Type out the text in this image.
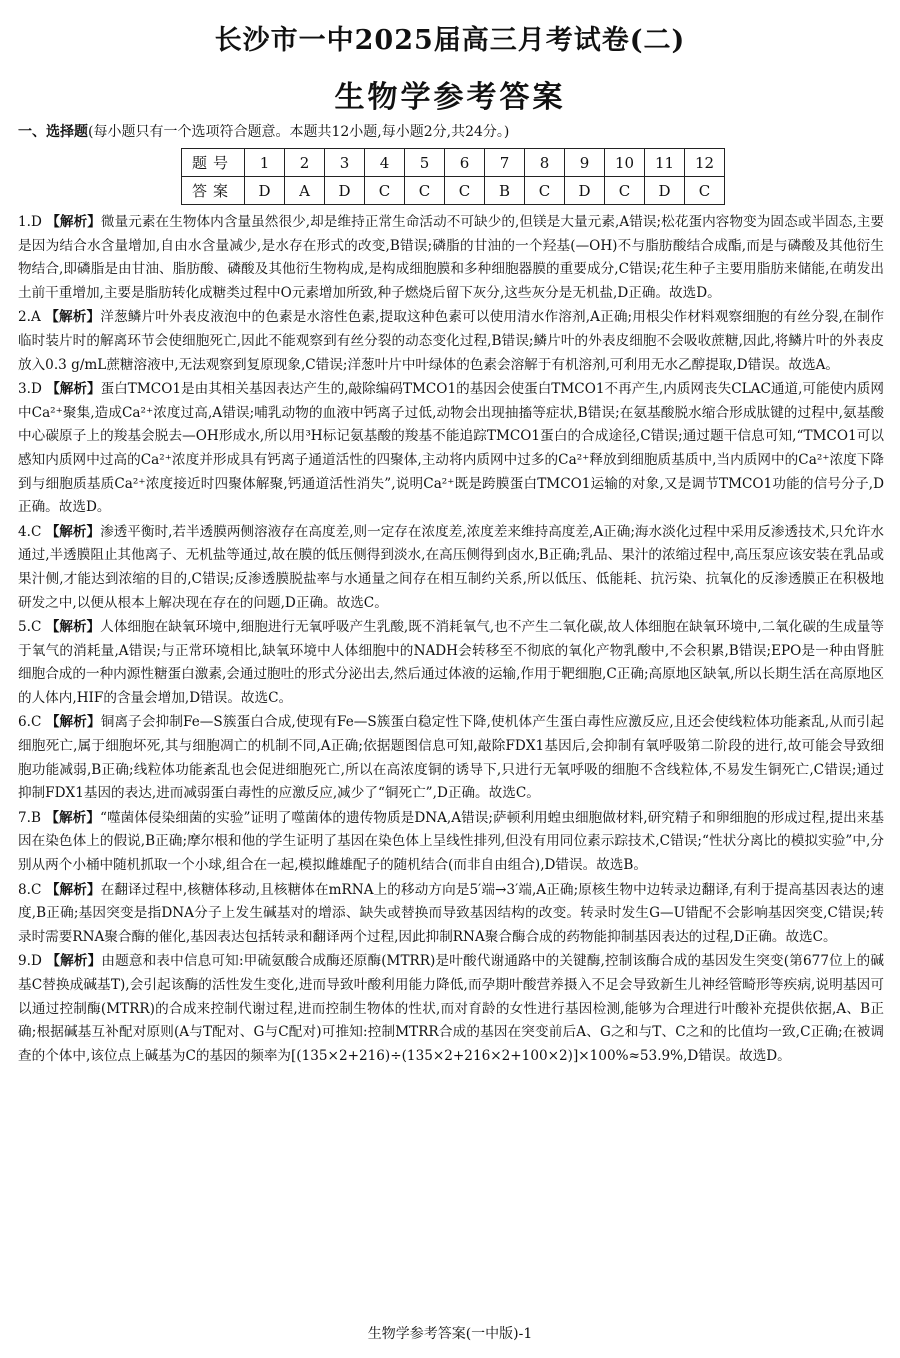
长沙市一中2025届高三月考试卷(二)
生物学参考答案
一、选择题(每小题只有一个选项符合题意。本题共12小题,每小题2分,共24分。)
题号	1	2	3	4	5	6	7	8	9	10	11	12
答案	D	A	D	C	C	C	B	C	D	C	D	C
1.D 【解析】微量元素在生物体内含量虽然很少,却是维持正常生命活动不可缺少的,但镁是大量元素,A错误;松花蛋内容物变为固态或半固态,主要是因为结合水含量增加,自由水含量减少,是水存在形式的改变,B错误;磷脂的甘油的一个羟基(—OH)不与脂肪酸结合成酯,而是与磷酸及其他衍生物结合,即磷脂是由甘油、脂肪酸、磷酸及其他衍生物构成,是构成细胞膜和多种细胞器膜的重要成分,C错误;花生种子主要用脂肪来储能,在萌发出土前干重增加,主要是脂肪转化成糖类过程中O元素增加所致,种子燃烧后留下灰分,这些灰分是无机盐,D正确。故选D。
2.A 【解析】洋葱鳞片叶外表皮液泡中的色素是水溶性色素,提取这种色素可以使用清水作溶剂,A正确;用根尖作材料观察细胞的有丝分裂,在制作临时装片时的解离环节会使细胞死亡,因此不能观察到有丝分裂的动态变化过程,B错误;鳞片叶的外表皮细胞不会吸收蔗糖,因此,将鳞片叶的外表皮放入0.3 g/mL蔗糖溶液中,无法观察到复原现象,C错误;洋葱叶片中叶绿体的色素会溶解于有机溶剂,可利用无水乙醇提取,D错误。故选A。
3.D 【解析】蛋白TMCO1是由其相关基因表达产生的,敲除编码TMCO1的基因会使蛋白TMCO1不再产生,内质网丧失CLAC通道,可能使内质网中Ca²⁺聚集,造成Ca²⁺浓度过高,A错误;哺乳动物的血液中钙离子过低,动物会出现抽搐等症状,B错误;在氨基酸脱水缩合形成肽键的过程中,氨基酸中心碳原子上的羧基会脱去—OH形成水,所以用³H标记氨基酸的羧基不能追踪TMCO1蛋白的合成途径,C错误;通过题干信息可知,“TMCO1可以感知内质网中过高的Ca²⁺浓度并形成具有钙离子通道活性的四聚体,主动将内质网中过多的Ca²⁺释放到细胞质基质中,当内质网中的Ca²⁺浓度下降到与细胞质基质Ca²⁺浓度接近时四聚体解聚,钙通道活性消失”,说明Ca²⁺既是跨膜蛋白TMCO1运输的对象,又是调节TMCO1功能的信号分子,D正确。故选D。
4.C 【解析】渗透平衡时,若半透膜两侧溶液存在高度差,则一定存在浓度差,浓度差来维持高度差,A正确;海水淡化过程中采用反渗透技术,只允许水通过,半透膜阻止其他离子、无机盐等通过,故在膜的低压侧得到淡水,在高压侧得到卤水,B正确;乳品、果汁的浓缩过程中,高压泵应该安装在乳品或果汁侧,才能达到浓缩的目的,C错误;反渗透膜脱盐率与水通量之间存在相互制约关系,所以低压、低能耗、抗污染、抗氧化的反渗透膜正在积极地研发之中,以便从根本上解决现在存在的问题,D正确。故选C。
5.C 【解析】人体细胞在缺氧环境中,细胞进行无氧呼吸产生乳酸,既不消耗氧气,也不产生二氧化碳,故人体细胞在缺氧环境中,二氧化碳的生成量等于氧气的消耗量,A错误;与正常环境相比,缺氧环境中人体细胞中的NADH会转移至不彻底的氧化产物乳酸中,不会积累,B错误;EPO是一种由肾脏细胞合成的一种内源性糖蛋白激素,会通过胞吐的形式分泌出去,然后通过体液的运输,作用于靶细胞,C正确;高原地区缺氧,所以长期生活在高原地区的人体内,HIF的含量会增加,D错误。故选C。
6.C 【解析】铜离子会抑制Fe—S簇蛋白合成,使现有Fe—S簇蛋白稳定性下降,使机体产生蛋白毒性应激反应,且还会使线粒体功能紊乱,从而引起细胞死亡,属于细胞坏死,其与细胞凋亡的机制不同,A正确;依据题图信息可知,敲除FDX1基因后,会抑制有氧呼吸第二阶段的进行,故可能会导致细胞功能减弱,B正确;线粒体功能紊乱也会促进细胞死亡,所以在高浓度铜的诱导下,只进行无氧呼吸的细胞不含线粒体,不易发生铜死亡,C错误;通过抑制FDX1基因的表达,进而减弱蛋白毒性的应激反应,减少了“铜死亡”,D正确。故选C。
7.B 【解析】“噬菌体侵染细菌的实验”证明了噬菌体的遗传物质是DNA,A错误;萨顿利用蝗虫细胞做材料,研究精子和卵细胞的形成过程,提出来基因在染色体上的假说,B正确;摩尔根和他的学生证明了基因在染色体上呈线性排列,但没有用同位素示踪技术,C错误;“性状分离比的模拟实验”中,分别从两个小桶中随机抓取一个小球,组合在一起,模拟雌雄配子的随机结合(而非自由组合),D错误。故选B。
8.C 【解析】在翻译过程中,核糖体移动,且核糖体在mRNA上的移动方向是5′端→3′端,A正确;原核生物中边转录边翻译,有利于提高基因表达的速度,B正确;基因突变是指DNA分子上发生碱基对的增添、缺失或替换而导致基因结构的改变。转录时发生G—U错配不会影响基因突变,C错误;转录时需要RNA聚合酶的催化,基因表达包括转录和翻译两个过程,因此抑制RNA聚合酶合成的药物能抑制基因表达的过程,D正确。故选C。
9.D 【解析】由题意和表中信息可知:甲硫氨酸合成酶还原酶(MTRR)是叶酸代谢通路中的关键酶,控制该酶合成的基因发生突变(第677位上的碱基C替换成碱基T),会引起该酶的活性发生变化,进而导致叶酸利用能力降低,而孕期叶酸营养摄入不足会导致新生儿神经管畸形等疾病,说明基因可以通过控制酶(MTRR)的合成来控制代谢过程,进而控制生物体的性状,而对育龄的女性进行基因检测,能够为合理进行叶酸补充提供依据,A、B正确;根据碱基互补配对原则(A与T配对、G与C配对)可推知:控制MTRR合成的基因在突变前后A、G之和与T、C之和的比值均一致,C正确;在被调查的个体中,该位点上碱基为C的基因的频率为[(135×2+216)÷(135×2+216×2+100×2)]×100%≈53.9%,D错误。故选D。
生物学参考答案(一中版)-1
